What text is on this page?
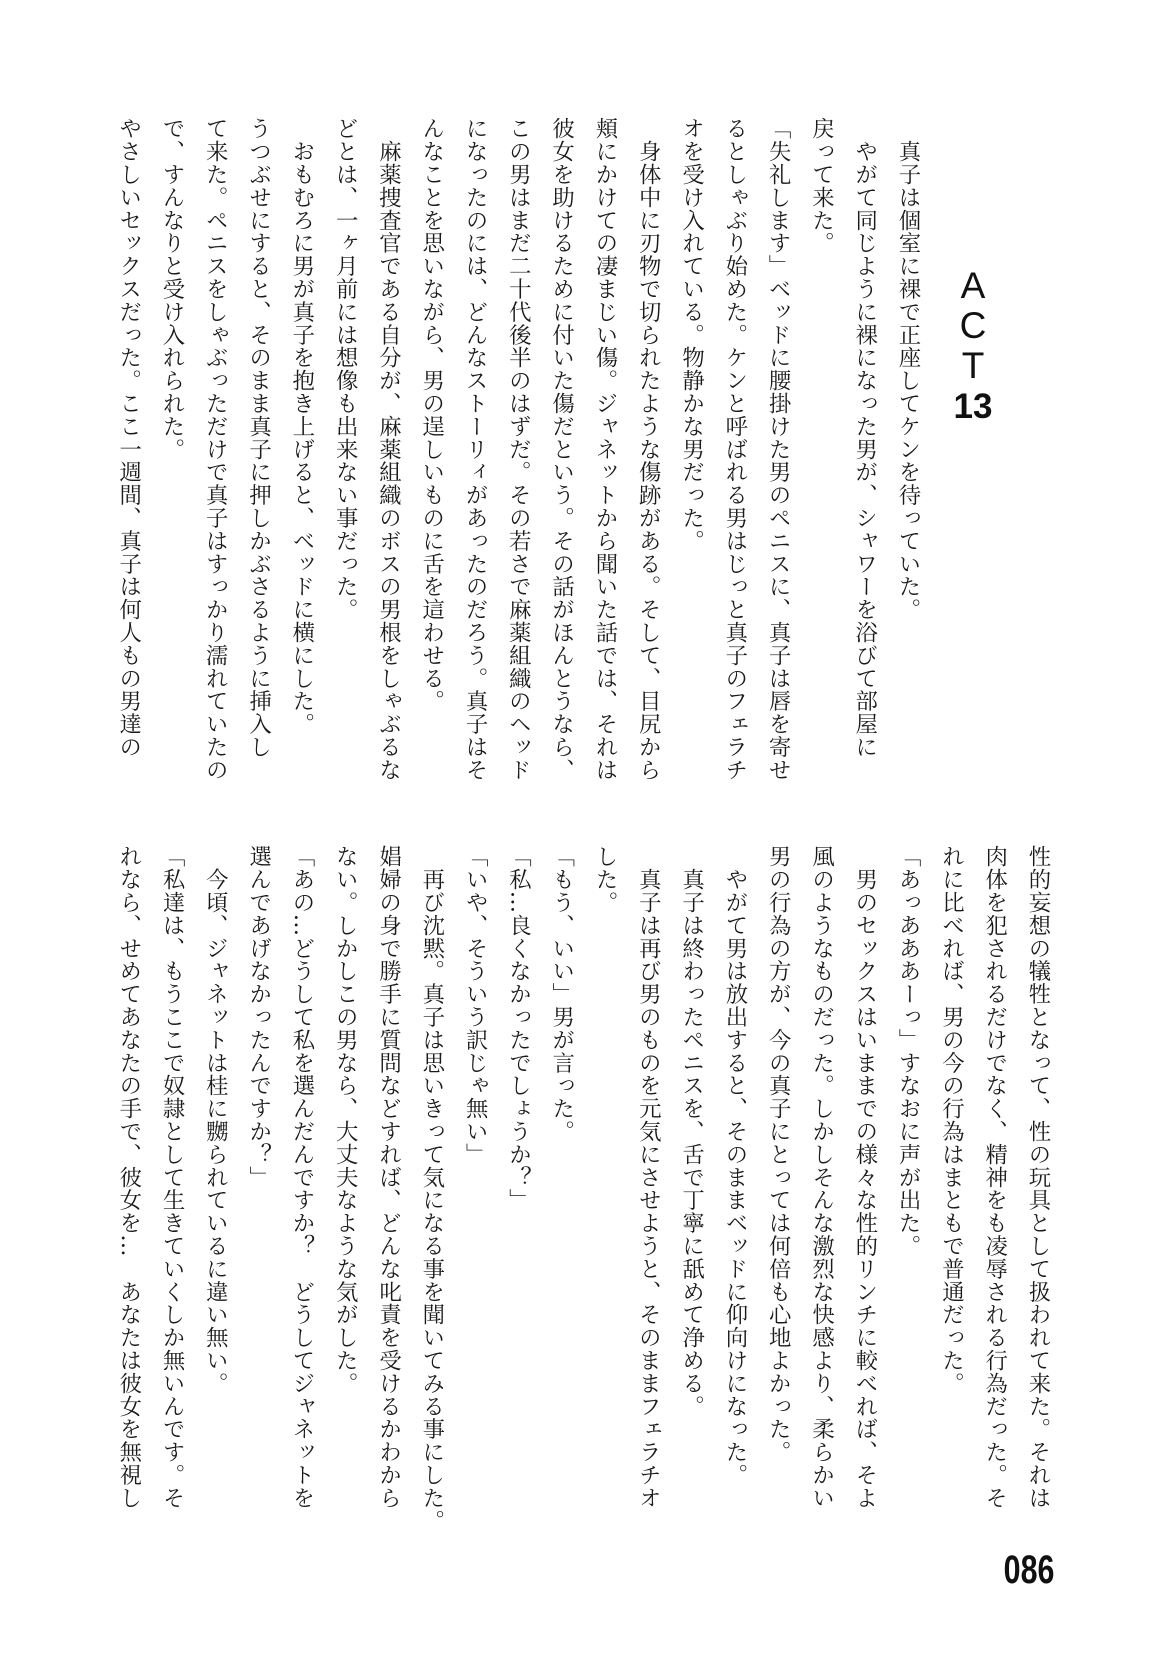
A
C
T
13
　真子は個室に裸で正座してケンを待っていた。
　やがて同じように裸になった男が、シャワーを浴びて部屋に
戻って来た。
「失礼します」ベッドに腰掛けた男のペニスに、真子は唇を寄せ
るとしゃぶり始めた。ケンと呼ばれる男はじっと真子のフェラチ
オを受け入れている。物静かな男だった。
　身体中に刃物で切られたような傷跡がある。そして、目尻から
頬にかけての凄まじい傷。ジャネットから聞いた話では、それは
彼女を助けるために付いた傷だという。その話がほんとうなら、
この男はまだ二十代後半のはずだ。その若さで麻薬組織のヘッド
になったのには、どんなストーリィがあったのだろう。真子はそ
んなことを思いながら、男の逞しいものに舌を這わせる。
　麻薬捜査官である自分が、麻薬組織のボスの男根をしゃぶるな
どとは、一ヶ月前には想像も出来ない事だった。
　おもむろに男が真子を抱き上げると、ベッドに横にした。
うつぶせにすると、そのまま真子に押しかぶさるように挿入し
て来た。ペニスをしゃぶっただけで真子はすっかり濡れていたの
で、すんなりと受け入れられた。
やさしいセックスだった。ここ一週間、真子は何人もの男達の
性的妄想の犠牲となって、性の玩具として扱われて来た。それは
肉体を犯されるだけでなく、精神をも凌辱される行為だった。そ
れに比べれば、男の今の行為はまともで普通だった。
「あっあああーっ」すなおに声が出た。
　男のセックスはいままでの様々な性的リンチに較べれば、そよ
風のようなものだった。しかしそんな激烈な快感より、柔らかい
男の行為の方が、今の真子にとっては何倍も心地よかった。
　やがて男は放出すると、そのままベッドに仰向けになった。
　真子は終わったペニスを、舌で丁寧に舐めて浄める。
　真子は再び男のものを元気にさせようと、そのままフェラチオ
した。
「もう、いい」男が言った。
「私…良くなかったでしょうか？」
「いや、そういう訳じゃ無い」
　再び沈黙。真子は思いきって気になる事を聞いてみる事にした。
娼婦の身で勝手に質問などすれば、どんな叱責を受けるかわから
ない。しかしこの男なら、大丈夫なような気がした。
「あの…どうして私を選んだんですか？　どうしてジャネットを
選んであげなかったんですか？」
　今頃、ジャネットは桂に嬲られているに違い無い。
「私達は、もうここで奴隷として生きていくしか無いんです。そ
れなら、せめてあなたの手で、彼女を…　あなたは彼女を無視し
086
